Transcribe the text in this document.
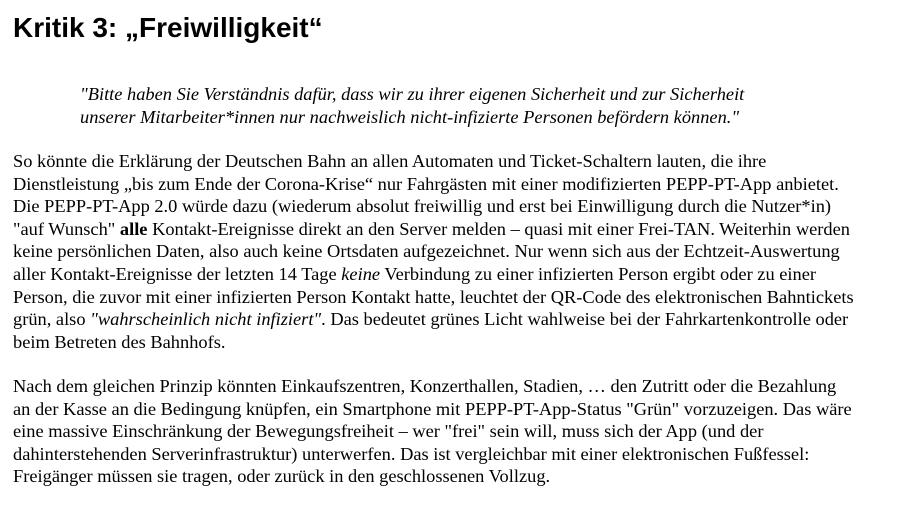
Kritik 3: „Freiwilligkeit“
"Bitte haben Sie Verständnis dafür, dass wir zu ihrer eigenen Sicherheit und zur Sicherheit
unserer Mitarbeiter*innen nur nachweislich nicht-infizierte Personen befördern können."

So könnte die Erklärung der Deutschen Bahn an allen Automaten und Ticket-Schaltern lauten, die ihre
Dienstleistung „bis zum Ende der Corona-Krise“ nur Fahrgästen mit einer modifizierten PEPP-PT-App anbietet.
Die PEPP-PT-App 2.0 würde dazu (wiederum absolut freiwillig und erst bei Einwilligung durch die Nutzer*in)
"auf Wunsch" alle Kontakt-Ereignisse direkt an den Server melden – quasi mit einer Frei-TAN. Weiterhin werden
keine persönlichen Daten, also auch keine Ortsdaten aufgezeichnet. Nur wenn sich aus der Echtzeit-Auswertung
aller Kontakt-Ereignisse der letzten 14 Tage keine Verbindung zu einer infizierten Person ergibt oder zu einer
Person, die zuvor mit einer infizierten Person Kontakt hatte, leuchtet der QR-Code des elektronischen Bahntickets
grün, also "wahrscheinlich nicht infiziert". Das bedeutet grünes Licht wahlweise bei der Fahrkartenkontrolle oder
beim Betreten des Bahnhofs.

Nach dem gleichen Prinzip könnten Einkaufszentren, Konzerthallen, Stadien, … den Zutritt oder die Bezahlung
an der Kasse an die Bedingung knüpfen, ein Smartphone mit PEPP-PT-App-Status "Grün" vorzuzeigen. Das wäre
eine massive Einschränkung der Bewegungsfreiheit – wer "frei" sein will, muss sich der App (und der
dahinterstehenden Serverinfrastruktur) unterwerfen. Das ist vergleichbar mit einer elektronischen Fußfessel:
Freigänger müssen sie tragen, oder zurück in den geschlossenen Vollzug.
